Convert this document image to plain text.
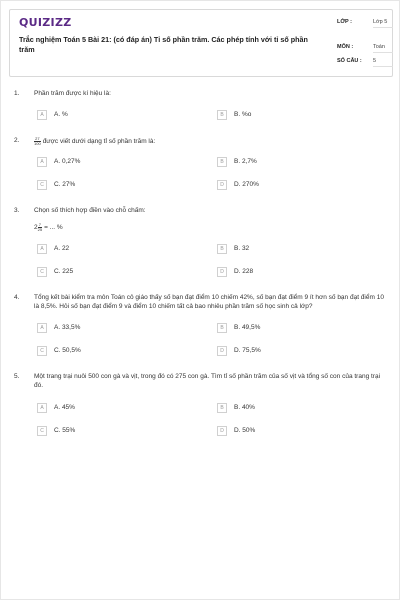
QUIZIZZ
Trắc nghiệm Toán 5 Bài 21: (có đáp án) Tỉ số phần trăm. Các phép tính với tỉ số phần trăm
LỚP :	Lớp 5
MÔN :	Toán
SỐ CÂU : 5
1. Phần trăm được kí hiệu là:
A	A. %	B	B. %o
2.	$\frac{27}{100}$ được viết dưới dạng tỉ số phần trăm là:
A	A. 0,27%	B	B. 2,7%
C	C. 27%	D	D. 270%
3. Chọn số thích hợp điền vào chỗ chấm:
$2 \frac{7}{25}$ = ... %
A	A. 22	B	B. 32
C	C. 225	D	D. 228
4. Tổng kết bài kiểm tra môn Toán cô giáo thấy số bạn đạt điểm 10 chiếm 42%, số bạn đạt điểm 9 ít hơn số bạn đạt điểm 10 là 8,5%. Hỏi số bạn đạt điểm 9 và điểm 10 chiếm tất cả bao nhiêu phần trăm số học sinh cả lớp?
A	A. 33,5%	B	B. 49,5%
C	C. 50,5%	D	D. 75,5%
5. Một trang trại nuôi 500 con gà và vịt, trong đó có 275 con gà. Tìm tỉ số phần trăm của số vịt và tổng số con của trang trại đó.
A	A. 45%	B	B. 40%
C	C. 55%	D	D. 50%
